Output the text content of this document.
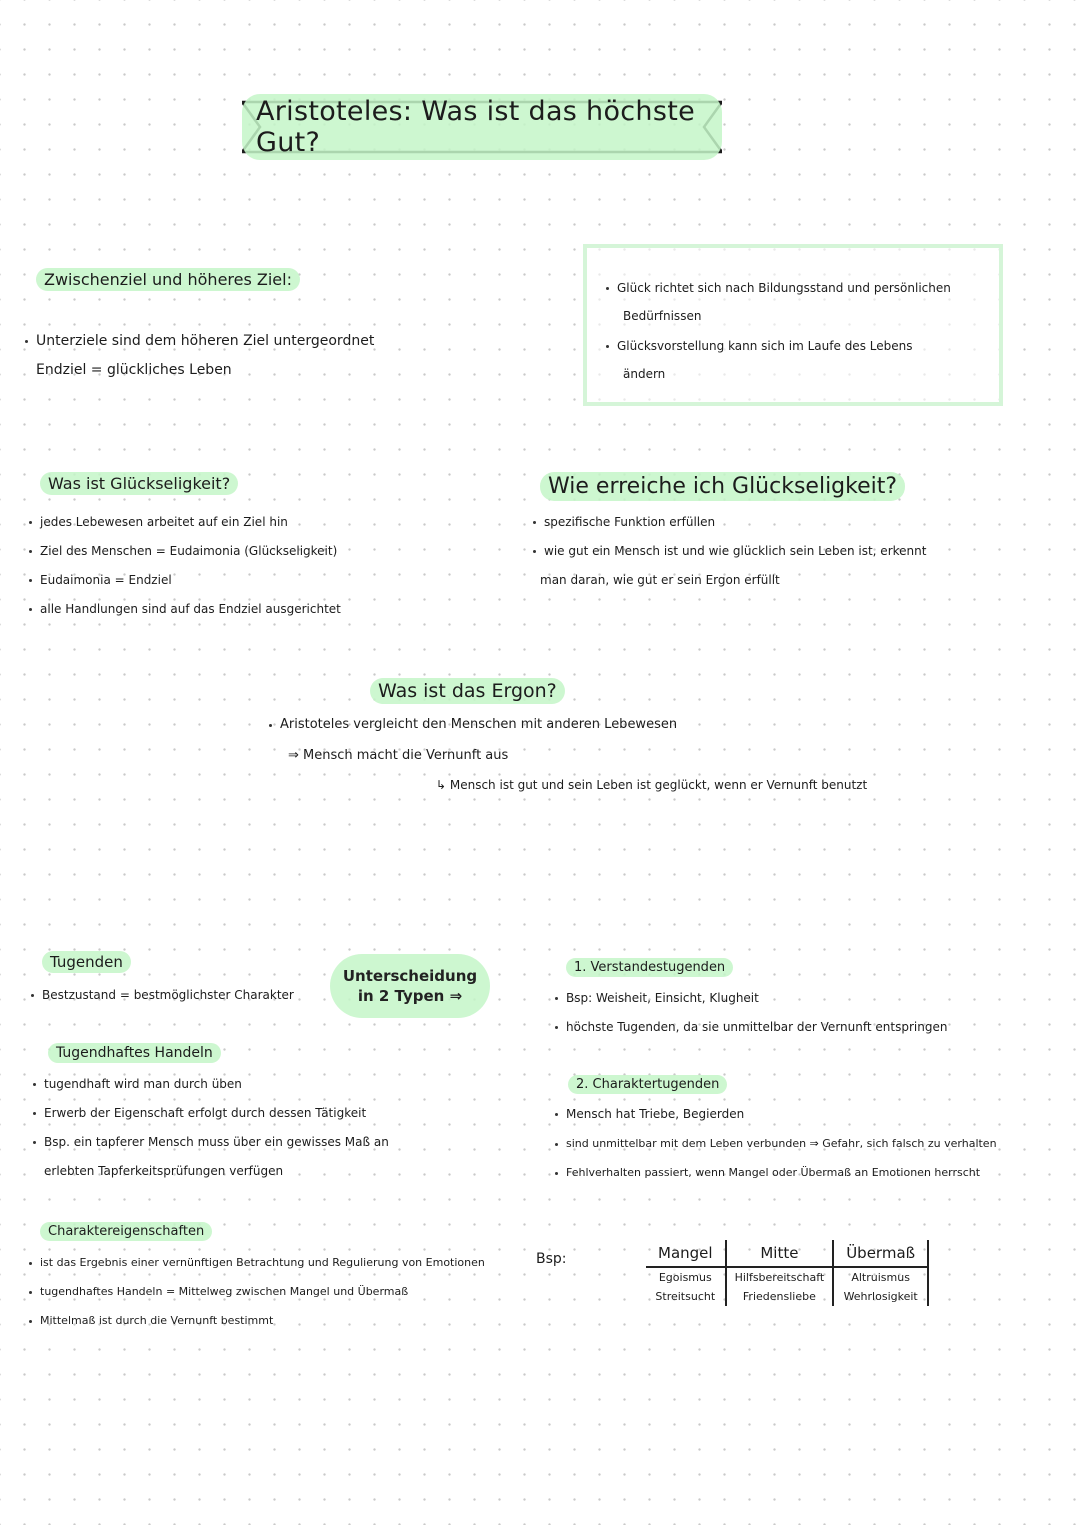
Aristoteles: Was ist das höchste Gut?
Zwischenziel und höheres Ziel:
Unterziele sind dem höheren Ziel untergeordnet
Endziel = glückliches Leben
Glück richtet sich nach Bildungsstand und persönlichen
Bedürfnissen
Glücksvorstellung kann sich im Laufe des Lebens
ändern
Was ist Glückseligkeit?
jedes Lebewesen arbeitet auf ein Ziel hin
Ziel des Menschen = Eudaimonia (Glückseligkeit)
Eudaimonia = Endziel
alle Handlungen sind auf das Endziel ausgerichtet
Wie erreiche ich Glückseligkeit?
spezifische Funktion erfüllen
wie gut ein Mensch ist und wie glücklich sein Leben ist, erkennt
man daran, wie gut er sein Ergon erfüllt
Was ist das Ergon?
Aristoteles vergleicht den Menschen mit anderen Lebewesen
⇒ Mensch macht die Vernunft aus
↳ Mensch ist gut und sein Leben ist geglückt, wenn er Vernunft benutzt
Tugenden
Bestzustand = bestmöglichster Charakter
Unterscheidung
in 2 Typen ⇒
1. Verstandestugenden
Bsp: Weisheit, Einsicht, Klugheit
höchste Tugenden, da sie unmittelbar der Vernunft entspringen
Tugendhaftes Handeln
tugendhaft wird man durch üben
Erwerb der Eigenschaft erfolgt durch dessen Tätigkeit
Bsp. ein tapferer Mensch muss über ein gewisses Maß an
erlebten Tapferkeitsprüfungen verfügen
2. Charaktertugenden
Mensch hat Triebe, Begierden
sind unmittelbar mit dem Leben verbunden ⇒ Gefahr, sich falsch zu verhalten
Fehlverhalten passiert, wenn Mangel oder Übermaß an Emotionen herrscht
Charaktereigenschaften
ist das Ergebnis einer vernünftigen Betrachtung und Regulierung von Emotionen
tugendhaftes Handeln = Mittelweg zwischen Mangel und Übermaß
Mittelmaß ist durch die Vernunft bestimmt
Bsp:	Mangel	Mitte	Übermaß
Egoismus	Hilfsbereitschaft	Altruismus
Streitsucht	Friedensliebe	Wehrlosigkeit
